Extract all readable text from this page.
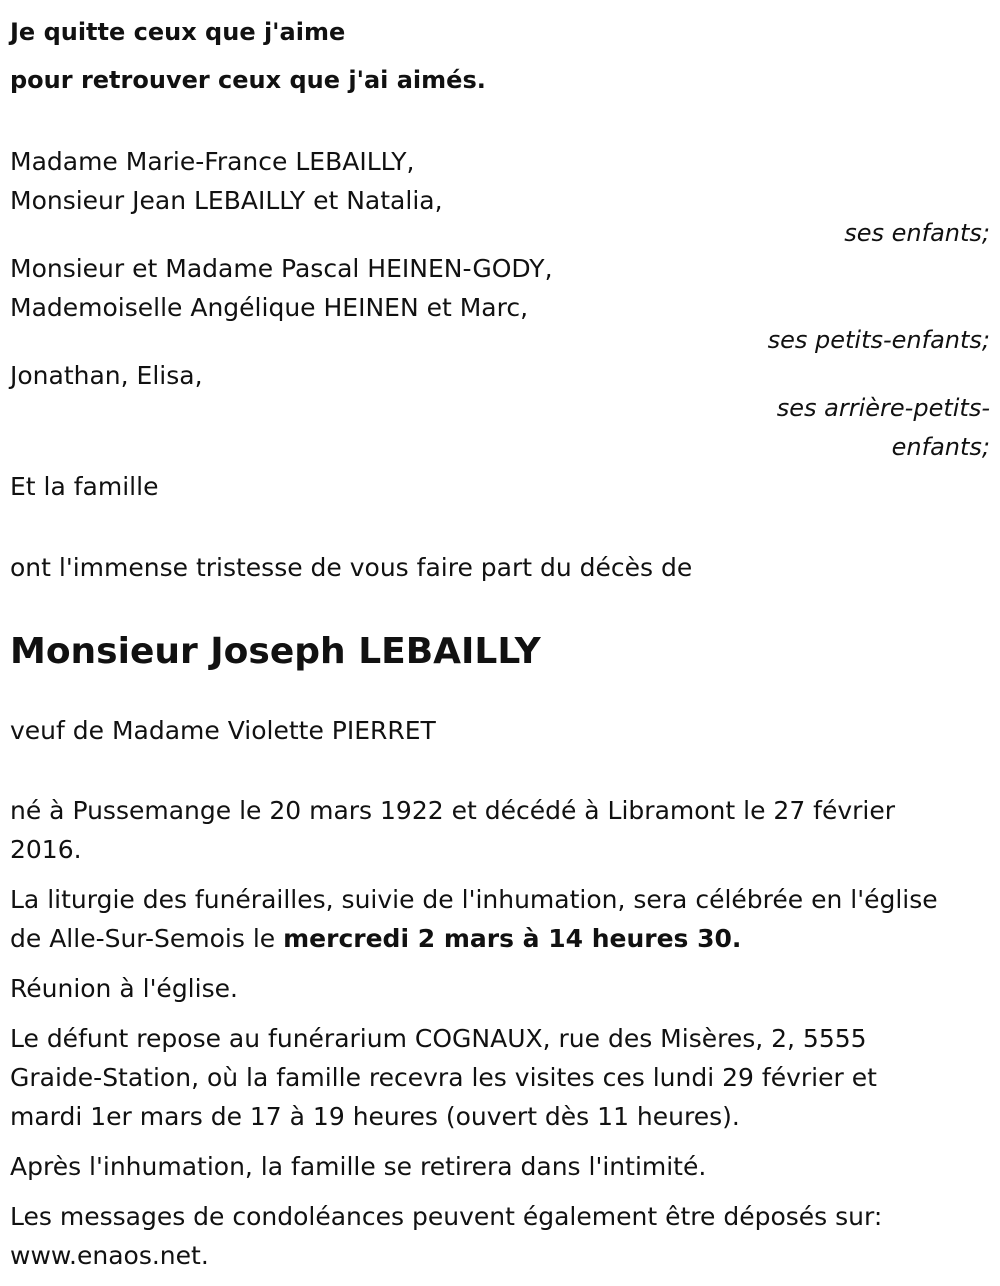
Je quitte ceux que j'aime

pour retrouver ceux que j'ai aimés.

Madame Marie-France LEBAILLY,
Monsieur Jean LEBAILLY et Natalia,
ses enfants;
Monsieur et Madame Pascal HEINEN-GODY,
Mademoiselle Angélique HEINEN et Marc,
ses petits-enfants;
Jonathan, Elisa,
ses arrière-petits-
enfants;
Et la famille

ont l'immense tristesse de vous faire part du décès de

Monsieur Joseph LEBAILLY

veuf de Madame Violette PIERRET

né à Pussemange le 20 mars 1922 et décédé à Libramont le 27 février
2016.
La liturgie des funérailles, suivie de l'inhumation, sera célébrée en l'église
de Alle-Sur-Semois le mercredi 2 mars à 14 heures 30.
Réunion à l'église.
Le défunt repose au funérarium COGNAUX, rue des Misères, 2, 5555
Graide-Station, où la famille recevra les visites ces lundi 29 février et
mardi 1er mars de 17 à 19 heures (ouvert dès 11 heures).
Après l'inhumation, la famille se retirera dans l'intimité.
Les messages de condoléances peuvent également être déposés sur:
www.enaos.net.
